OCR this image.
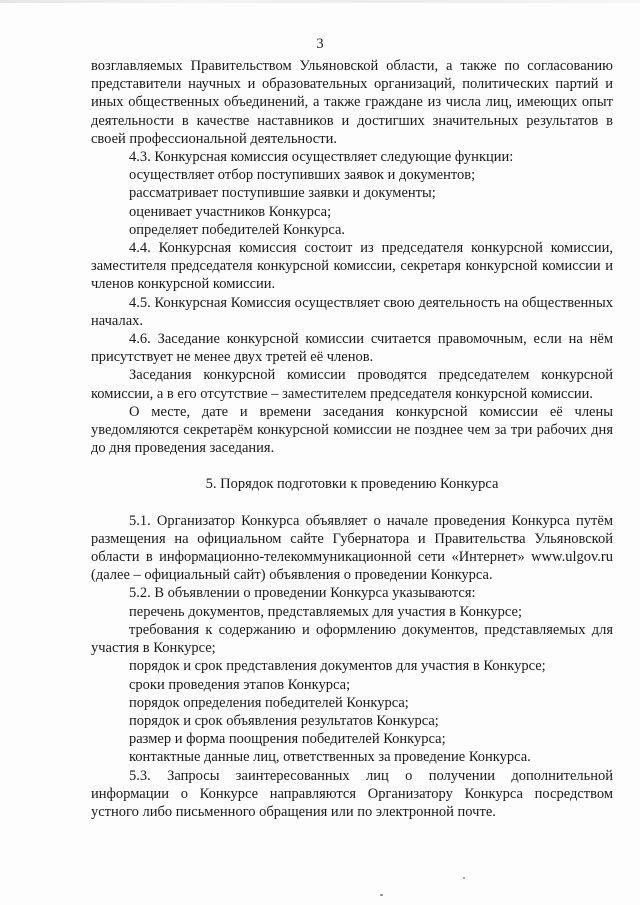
3

возглавляемых Правительством Ульяновской области, а также по согласованию представители научных и образовательных организаций, политических партий и иных общественных объединений, а также граждане из числа лиц, имеющих опыт деятельности в качестве наставников и достигших значительных результатов в своей профессиональной деятельности.

4.3. Конкурсная комиссия осуществляет следующие функции:

осуществляет отбор поступивших заявок и документов;

рассматривает поступившие заявки и документы;

оценивает участников Конкурса;

определяет победителей Конкурса.

4.4. Конкурсная комиссия состоит из председателя конкурсной комиссии, заместителя председателя конкурсной комиссии, секретаря конкурсной комиссии и членов конкурсной комиссии.

4.5. Конкурсная Комиссия осуществляет свою деятельность на общественных началах.

4.6. Заседание конкурсной комиссии считается правомочным, если на нём присутствует не менее двух третей её членов.

Заседания конкурсной комиссии проводятся председателем конкурсной комиссии, а в его отсутствие – заместителем председателя конкурсной комиссии.

О месте, дате и времени заседания конкурсной комиссии её члены уведомляются секретарём конкурсной комиссии не позднее чем за три рабочих дня до дня проведения заседания.

5. Порядок подготовки к проведению Конкурса

5.1. Организатор Конкурса объявляет о начале проведения Конкурса путём размещения на официальном сайте Губернатора и Правительства Ульяновской области в информационно-телекоммуникационной сети «Интернет» www.ulgov.ru (далее – официальный сайт) объявления о проведении Конкурса.

5.2. В объявлении о проведении Конкурса указываются:

перечень документов, представляемых для участия в Конкурсе;

требования к содержанию и оформлению документов, представляемых для участия в Конкурсе;

порядок и срок представления документов для участия в Конкурсе;

сроки проведения этапов Конкурса;

порядок определения победителей Конкурса;

порядок и срок объявления результатов Конкурса;

размер и форма поощрения победителей Конкурса;

контактные данные лиц, ответственных за проведение Конкурса.

5.3. Запросы заинтересованных лиц о получении дополнительной информации о Конкурсе направляются Организатору Конкурса посредством устного либо письменного обращения или по электронной почте.
